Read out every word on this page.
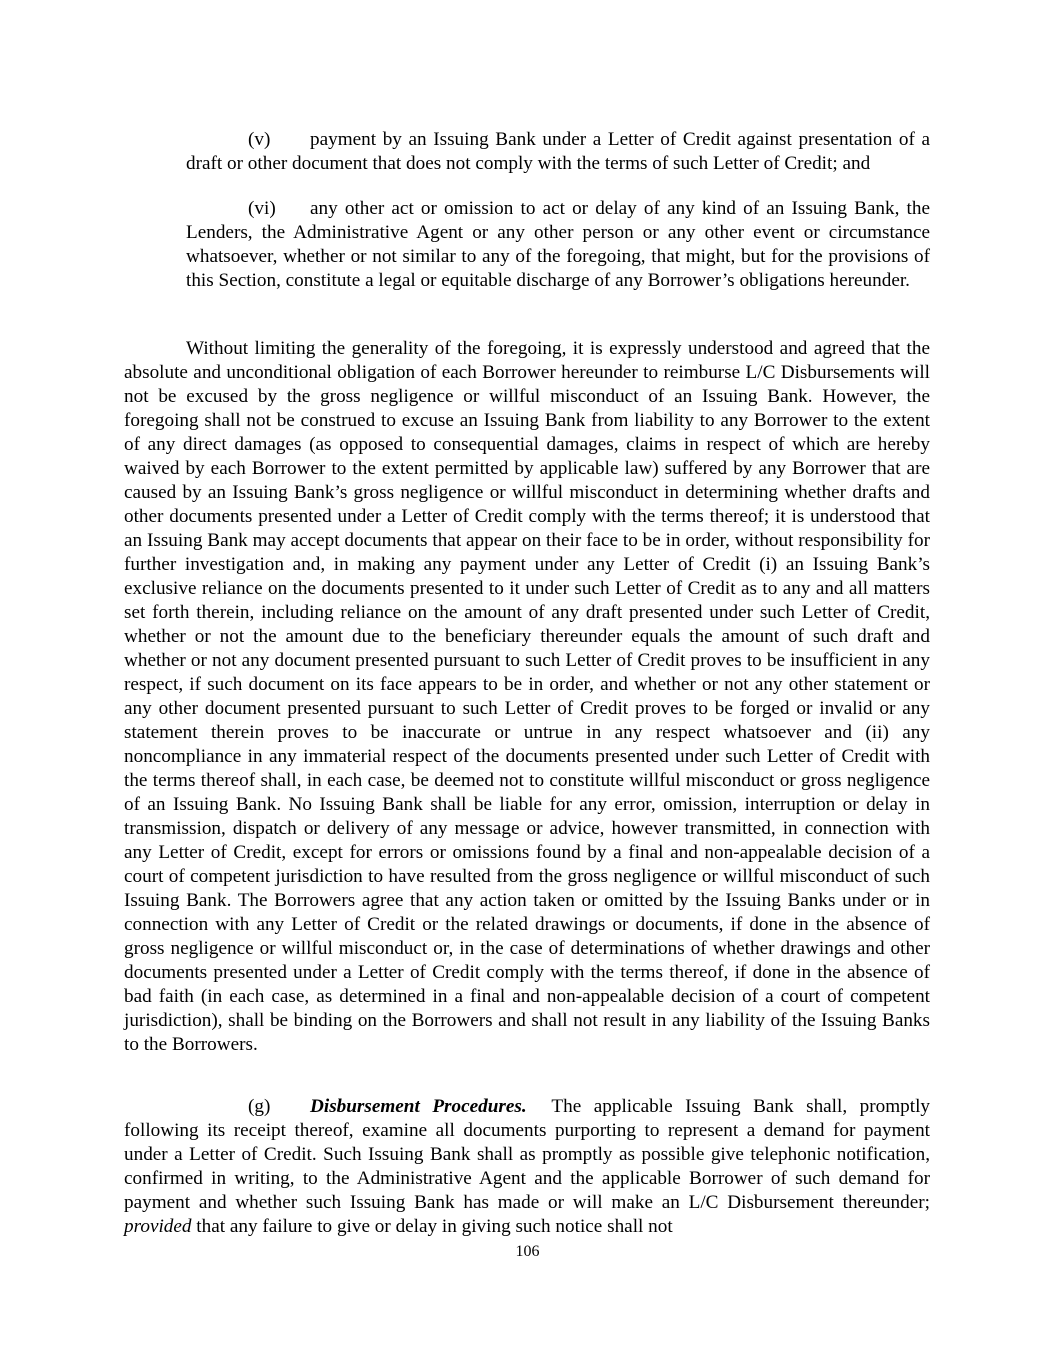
(v) payment by an Issuing Bank under a Letter of Credit against presentation of a draft or other document that does not comply with the terms of such Letter of Credit; and
(vi) any other act or omission to act or delay of any kind of an Issuing Bank, the Lenders, the Administrative Agent or any other person or any other event or circumstance whatsoever, whether or not similar to any of the foregoing, that might, but for the provisions of this Section, constitute a legal or equitable discharge of any Borrower’s obligations hereunder.
Without limiting the generality of the foregoing, it is expressly understood and agreed that the absolute and unconditional obligation of each Borrower hereunder to reimburse L/C Disbursements will not be excused by the gross negligence or willful misconduct of an Issuing Bank. However, the foregoing shall not be construed to excuse an Issuing Bank from liability to any Borrower to the extent of any direct damages (as opposed to consequential damages, claims in respect of which are hereby waived by each Borrower to the extent permitted by applicable law) suffered by any Borrower that are caused by an Issuing Bank’s gross negligence or willful misconduct in determining whether drafts and other documents presented under a Letter of Credit comply with the terms thereof; it is understood that an Issuing Bank may accept documents that appear on their face to be in order, without responsibility for further investigation and, in making any payment under any Letter of Credit (i) an Issuing Bank’s exclusive reliance on the documents presented to it under such Letter of Credit as to any and all matters set forth therein, including reliance on the amount of any draft presented under such Letter of Credit, whether or not the amount due to the beneficiary thereunder equals the amount of such draft and whether or not any document presented pursuant to such Letter of Credit proves to be insufficient in any respect, if such document on its face appears to be in order, and whether or not any other statement or any other document presented pursuant to such Letter of Credit proves to be forged or invalid or any statement therein proves to be inaccurate or untrue in any respect whatsoever and (ii) any noncompliance in any immaterial respect of the documents presented under such Letter of Credit with the terms thereof shall, in each case, be deemed not to constitute willful misconduct or gross negligence of an Issuing Bank. No Issuing Bank shall be liable for any error, omission, interruption or delay in transmission, dispatch or delivery of any message or advice, however transmitted, in connection with any Letter of Credit, except for errors or omissions found by a final and non-appealable decision of a court of competent jurisdiction to have resulted from the gross negligence or willful misconduct of such Issuing Bank. The Borrowers agree that any action taken or omitted by the Issuing Banks under or in connection with any Letter of Credit or the related drawings or documents, if done in the absence of gross negligence or willful misconduct or, in the case of determinations of whether drawings and other documents presented under a Letter of Credit comply with the terms thereof, if done in the absence of bad faith (in each case, as determined in a final and non-appealable decision of a court of competent jurisdiction), shall be binding on the Borrowers and shall not result in any liability of the Issuing Banks to the Borrowers.
(g) Disbursement Procedures. The applicable Issuing Bank shall, promptly following its receipt thereof, examine all documents purporting to represent a demand for payment under a Letter of Credit. Such Issuing Bank shall as promptly as possible give telephonic notification, confirmed in writing, to the Administrative Agent and the applicable Borrower of such demand for payment and whether such Issuing Bank has made or will make an L/C Disbursement thereunder; provided that any failure to give or delay in giving such notice shall not
106
